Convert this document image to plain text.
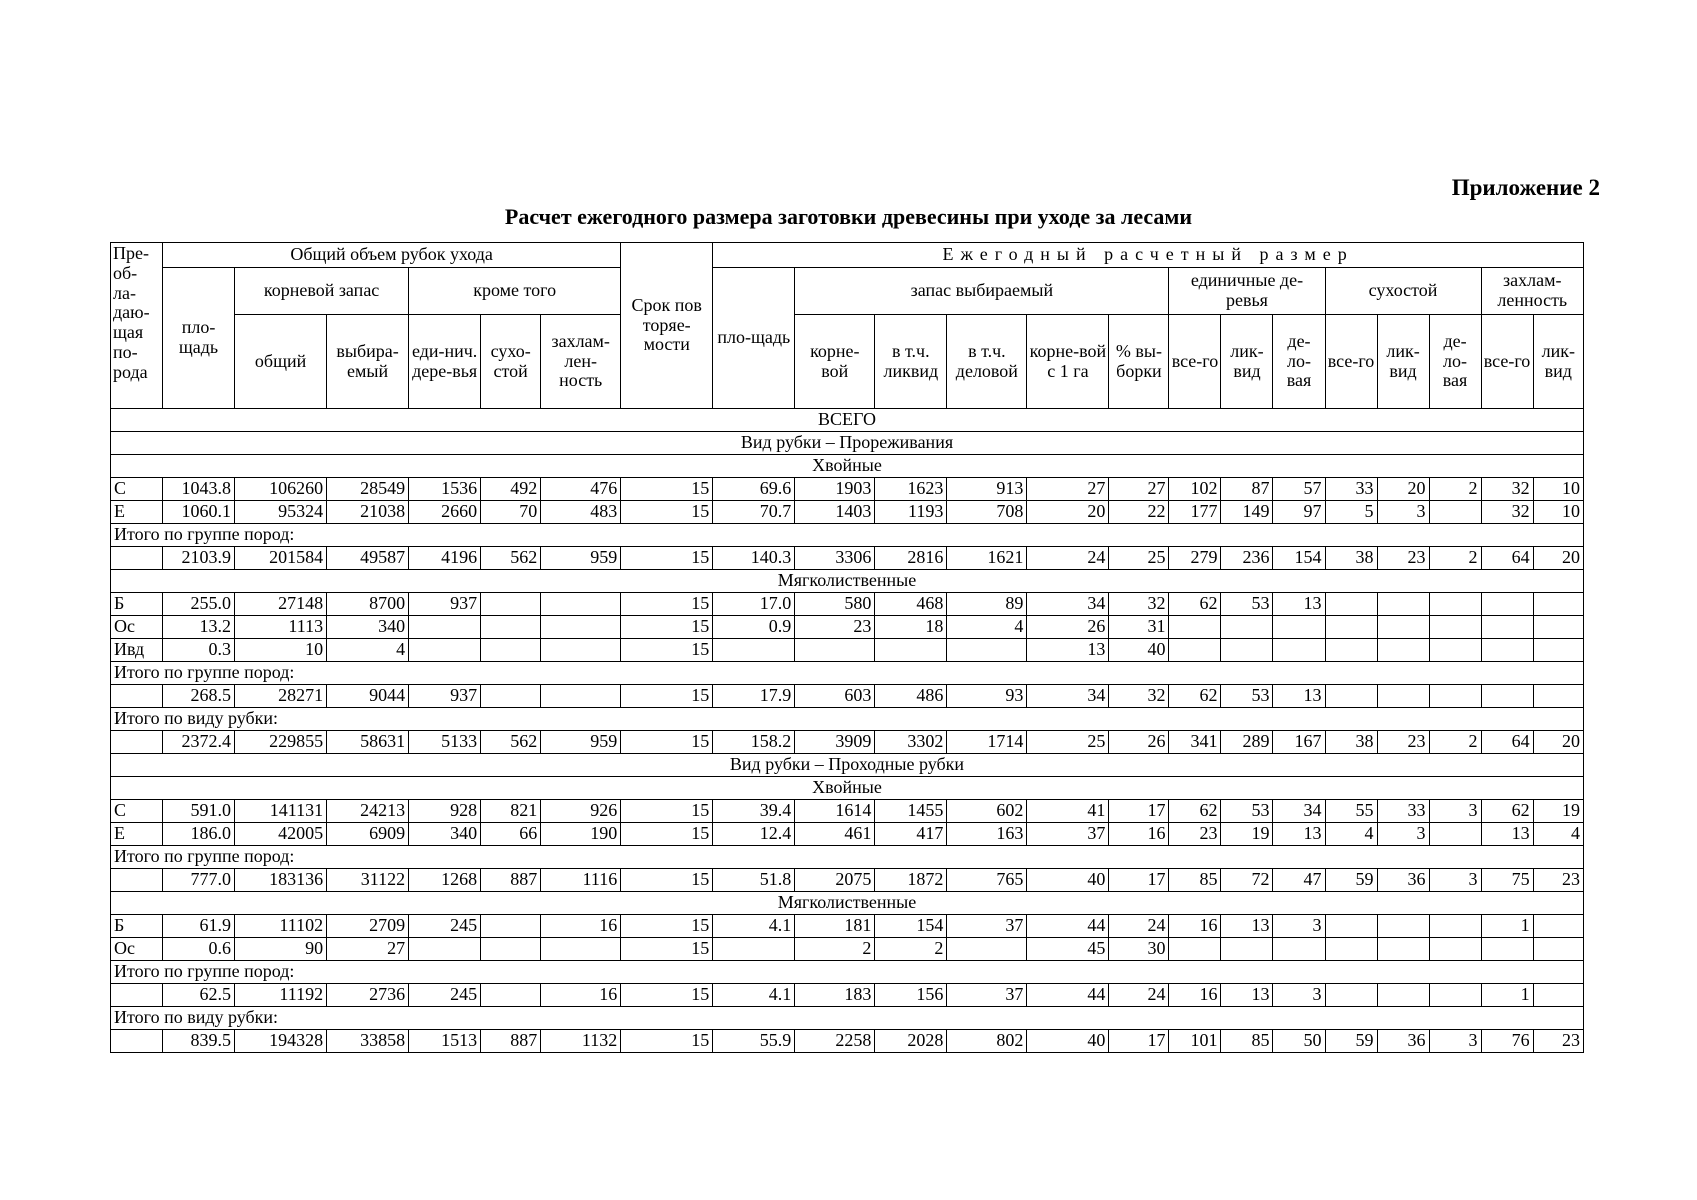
Приложение 2
Расчет ежегодного размера заготовки древесины при уходе за лесами
Пре-об-ла-даю-щая по-рода	Общий объем рубок ухода						Срок пов торяе-мости	Ежегодный расчетный размер													
	пло-щадь	корневой запас		кроме того				пло-щадь	запас выбираемый					единичные де-ревья			сухостой			захлам-ленность	
		общий	выбира-емый	еди-нич. дере-вья	сухо-стой	захлам-лен-ность			корне-вой	в т.ч. ликвид	в т.ч. деловой	корне-вой с 1 га	% вы-борки	все-го	лик-вид	де-ло-вая	все-го	лик-вид	де-ло-вая	все-го	лик-вид
ВСЕГО																					
Вид рубки – Прореживания																					
Хвойные																					
С	1043.8	106260	28549	1536	492	476	15	69.6	1903	1623	913	27	27	102	87	57	33	20	2	32	10
Е	1060.1	95324	21038	2660	70	483	15	70.7	1403	1193	708	20	22	177	149	97	5	3		32	10
Итого по группе пород:																					
	2103.9	201584	49587	4196	562	959	15	140.3	3306	2816	1621	24	25	279	236	154	38	23	2	64	20
Мягколиственные																					
Б	255.0	27148	8700	937			15	17.0	580	468	89	34	32	62	53	13					
Ос	13.2	1113	340				15	0.9	23	18	4	26	31								
Ивд	0.3	10	4				15					13	40								
Итого по группе пород:																					
	268.5	28271	9044	937			15	17.9	603	486	93	34	32	62	53	13					
Итого по виду рубки:																					
	2372.4	229855	58631	5133	562	959	15	158.2	3909	3302	1714	25	26	341	289	167	38	23	2	64	20
Вид рубки – Проходные рубки																					
Хвойные																					
С	591.0	141131	24213	928	821	926	15	39.4	1614	1455	602	41	17	62	53	34	55	33	3	62	19
Е	186.0	42005	6909	340	66	190	15	12.4	461	417	163	37	16	23	19	13	4	3		13	4
Итого по группе пород:																					
	777.0	183136	31122	1268	887	1116	15	51.8	2075	1872	765	40	17	85	72	47	59	36	3	75	23
Мягколиственные																					
Б	61.9	11102	2709	245		16	15	4.1	181	154	37	44	24	16	13	3				1	
Ос	0.6	90	27				15		2	2		45	30								
Итого по группе пород:																					
	62.5	11192	2736	245		16	15	4.1	183	156	37	44	24	16	13	3				1	
Итого по виду рубки:																					
	839.5	194328	33858	1513	887	1132	15	55.9	2258	2028	802	40	17	101	85	50	59	36	3	76	23
